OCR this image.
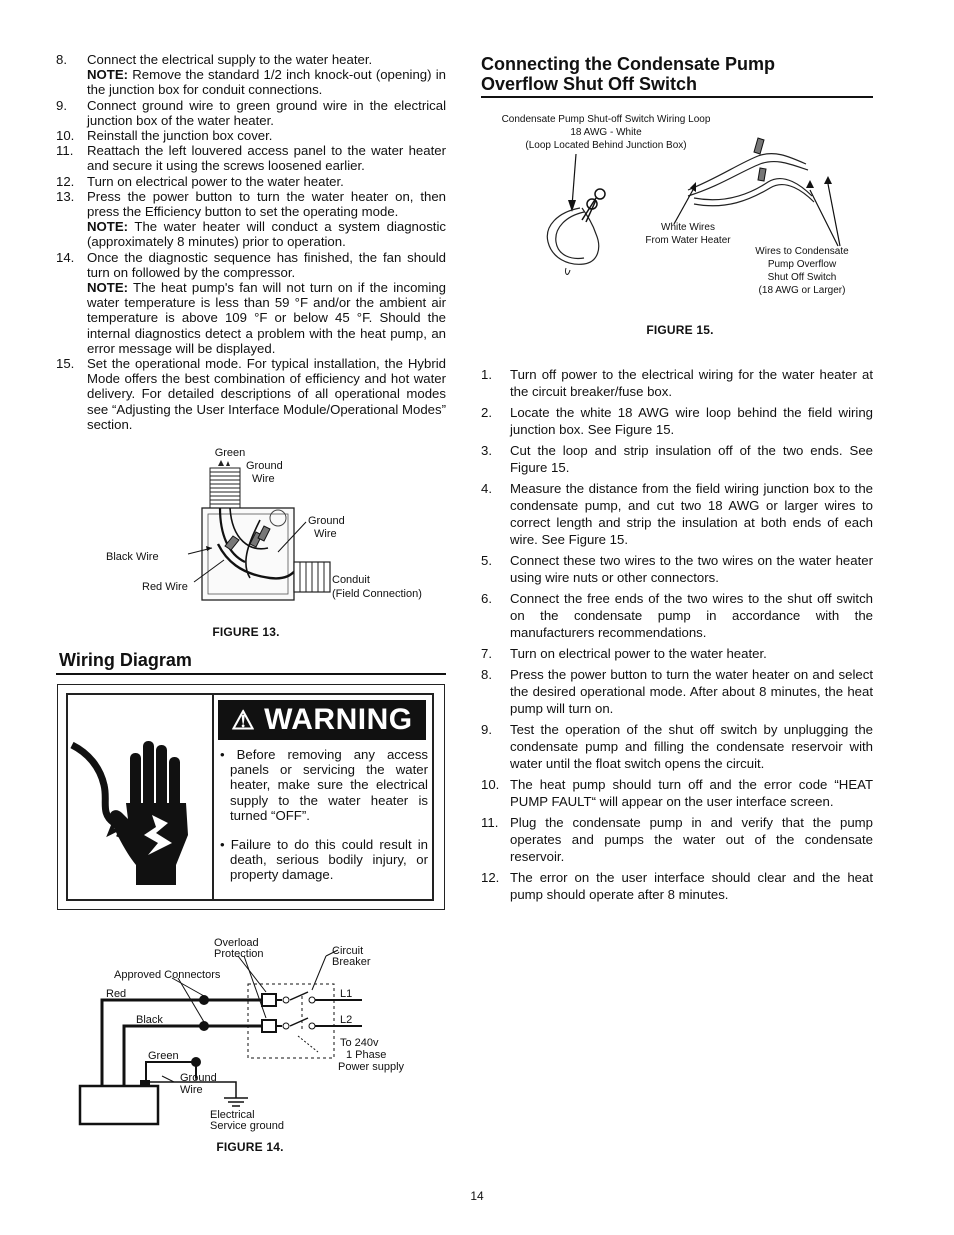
8. Connect the electrical supply to the water heater.
NOTE: Remove the standard 1/2 inch knock-out (opening) in the junction box for conduit connections.
9. Connect ground wire to green ground wire in the electrical junction box of the water heater.
10. Reinstall the junction box cover.
11. Reattach the left louvered access panel to the water heater and secure it using the screws loosened earlier.
12. Turn on electrical power to the water heater.
13. Press the power button to turn the water heater on, then press the Efficiency button to set the operating mode.
NOTE: The water heater will conduct a system diagnostic (approximately 8 minutes) prior to operation.
14. Once the diagnostic sequence has finished, the fan should turn on followed by the compressor.
NOTE: The heat pump's fan will not turn on if the incoming water temperature is less than 59 °F and/or the ambient air temperature is above 109 °F or below 45 °F. Should the internal diagnostics detect a problem with the heat pump, an error message will be displayed.
15. Set the operational mode. For typical installation, the Hybrid Mode offers the best combination of efficiency and hot water delivery. For detailed descriptions of all operational modes see “Adjusting the User Interface Module/Operational Modes” section.
Green
Ground
Wire
Ground
Wire
Black Wire
Red Wire
Conduit
(Field Connection)
FIGURE 13.
Wiring Diagram
⚠ WARNING

• Before removing any access panels or servicing the water heater, make sure the electrical supply to the water heater is turned “OFF”.

• Failure to do this could result in death, serious bodily injury, or property damage.

Overload
Protection	Circuit
Breaker
Approved Connectors
Red
Black
Green
L1
L2
To 240v
1 Phase
Power supply
Ground
Wire
Electrical
Service ground
FIGURE 14.
Connecting the Condensate Pump
Overflow Shut Off Switch
Condensate Pump Shut-off Switch Wiring Loop
18 AWG - White
(Loop Located Behind Junction Box)
White Wires
From Water Heater
Wires to Condensate
Pump Overflow
Shut Off Switch
(18 AWG or Larger)
FIGURE 15.
1. Turn off power to the electrical wiring for the water heater at the circuit breaker/fuse box.
2. Locate the white 18 AWG wire loop behind the field wiring junction box. See Figure 15.
3. Cut the loop and strip insulation off of the two ends. See Figure 15.
4. Measure the distance from the field wiring junction box to the condensate pump, and cut two 18 AWG or larger wires to correct length and strip the insulation at both ends of each wire. See Figure 15.
5. Connect these two wires to the two wires on the water heater using wire nuts or other connectors.
6. Connect the free ends of the two wires to the shut off switch on the condensate pump in accordance with the manufacturers recommendations.
7. Turn on electrical power to the water heater.
8. Press the power button to turn the water heater on and select the desired operational mode. After about 8 minutes, the heat pump will turn on.
9. Test the operation of the shut off switch by unplugging the condensate pump and filling the condensate reservoir with water until the float switch opens the circuit.
10. The heat pump should turn off and the error code “HEAT PUMP FAULT“ will appear on the user interface screen.
11. Plug the condensate pump in and verify that the pump operates and pumps the water out of the condensate reservoir.
12. The error on the user interface should clear and the heat pump should operate after 8 minutes.
14
